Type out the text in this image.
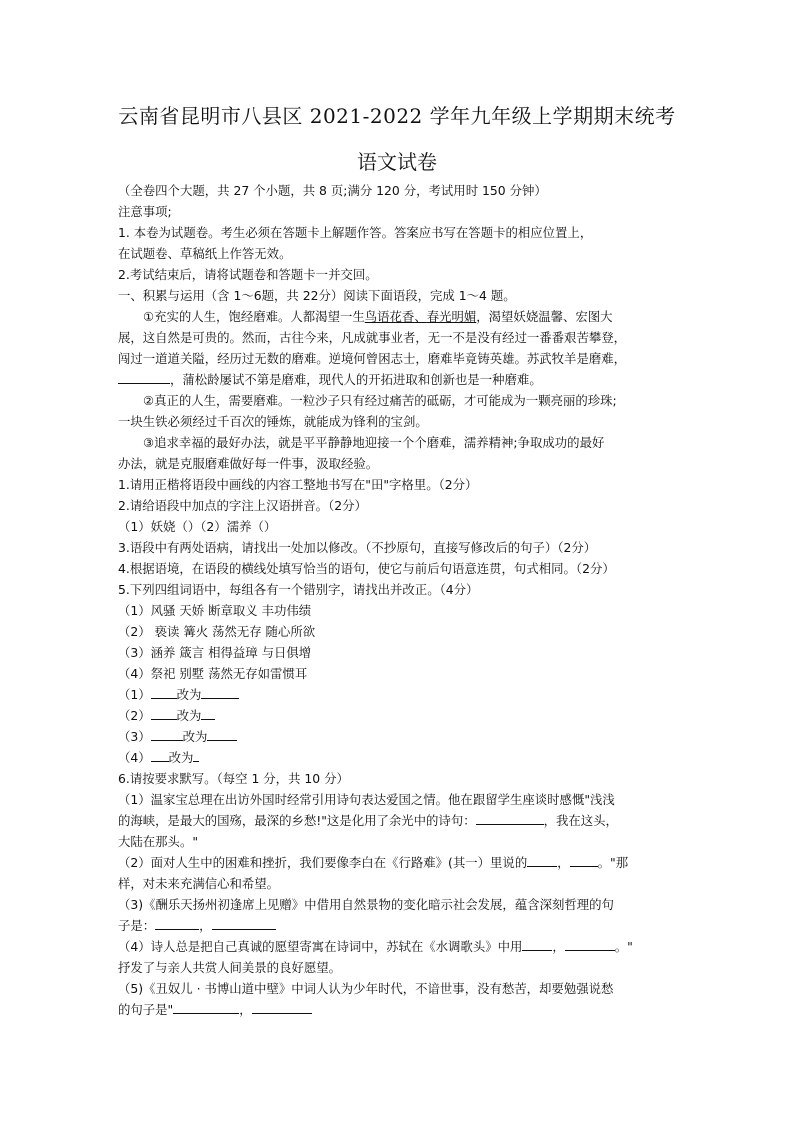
云南省昆明市八县区 2021-2022 学年九年级上学期期末统考
语文试卷
（全卷四个大题，共 27 个小题，共 8 页;满分 120 分，考试用时 150 分钟）
注意事项;
1. 本卷为试题卷。考生必须在答题卡上解题作答。答案应书写在答题卡的相应位置上，
在试题卷、草稿纸上作答无效。
2.考试结束后，请将试题卷和答题卡一并交回。
一、积累与运用（含 1～6题，共 22分）阅读下面语段，完成 1～4 题。
①充实的人生，饱经磨难。人都渴望一生鸟语花香、春光明媚，渴望妖娆温馨、宏图大
展，这自然是可贵的。然而，古往今来，凡成就事业者，无一不是没有经过一番番艰苦攀登，
闯过一道道关隘，经历过无数的磨难。逆境何曾困志士，磨难毕竟铸英雄。苏武牧羊是磨难，
，蒲松龄屡试不第是磨难，现代人的开拓进取和创新也是一种磨难。
②真正的人生，需要磨难。一粒沙子只有经过痛苦的砥砺，才可能成为一颗亮丽的珍珠;
一块生铁必须经过千百次的锤炼，就能成为锋利的宝剑。
③追求幸福的最好办法，就是平平静静地迎接一个个磨难，濡养精神;争取成功的最好
办法，就是克服磨难做好每一件事，汲取经验。
1.请用正楷将语段中画线的内容工整地书写在"田"字格里。（2分）
2.请给语段中加点的字注上汉语拼音。（2分）
（1）妖娆（）（2）濡养（）
3.语段中有两处语病，请找出一处加以修改。（不抄原句，直接写修改后的句子）（2分）
4.根据语境，在语段的横线处填写恰当的语句，使它与前后句语意连贯，句式相同。（2分）
5.下列四组词语中，每组各有一个错别字，请找出并改正。（4分）
（1）风骚 天娇 断章取义 丰功伟绩
（2） 亵读 篝火 荡然无存 随心所欲
（3）涵养 箴言 相得益璋 与日俱增
（4）祭祀 别墅 荡然无存如雷惯耳
（1） 改为
（2） 改为
（3）	改为
（4） 改为
6.请按要求默写。（每空 1 分，共 10 分）
（1）温家宝总理在出访外国时经常引用诗句表达爱国之情。他在跟留学生座谈时感慨"浅浅
的海峡，是最大的国殇，最深的乡愁!"这是化用了余光中的诗句：	，我在这头，
大陆在那头。"
（2）面对人生中的困难和挫折，我们要像李白在《行路难》(其一）里说的 ， 。"那
样，对未来充满信心和希望。
（3)《酬乐天扬州初逢席上见赠》中借用自然景物的变化暗示社会发展，蕴含深刻哲理的句
子是：	，
（4）诗人总是把自己真诚的愿望寄寓在诗词中，苏轼在《水调歌头》中用 ，	。"
抒发了与亲人共赏人间美景的良好愿望。
（5)《丑奴儿 · 书博山道中壁》中词人认为少年时代，不谙世事，没有愁苦，却要勉强说愁
的句子是"	，
